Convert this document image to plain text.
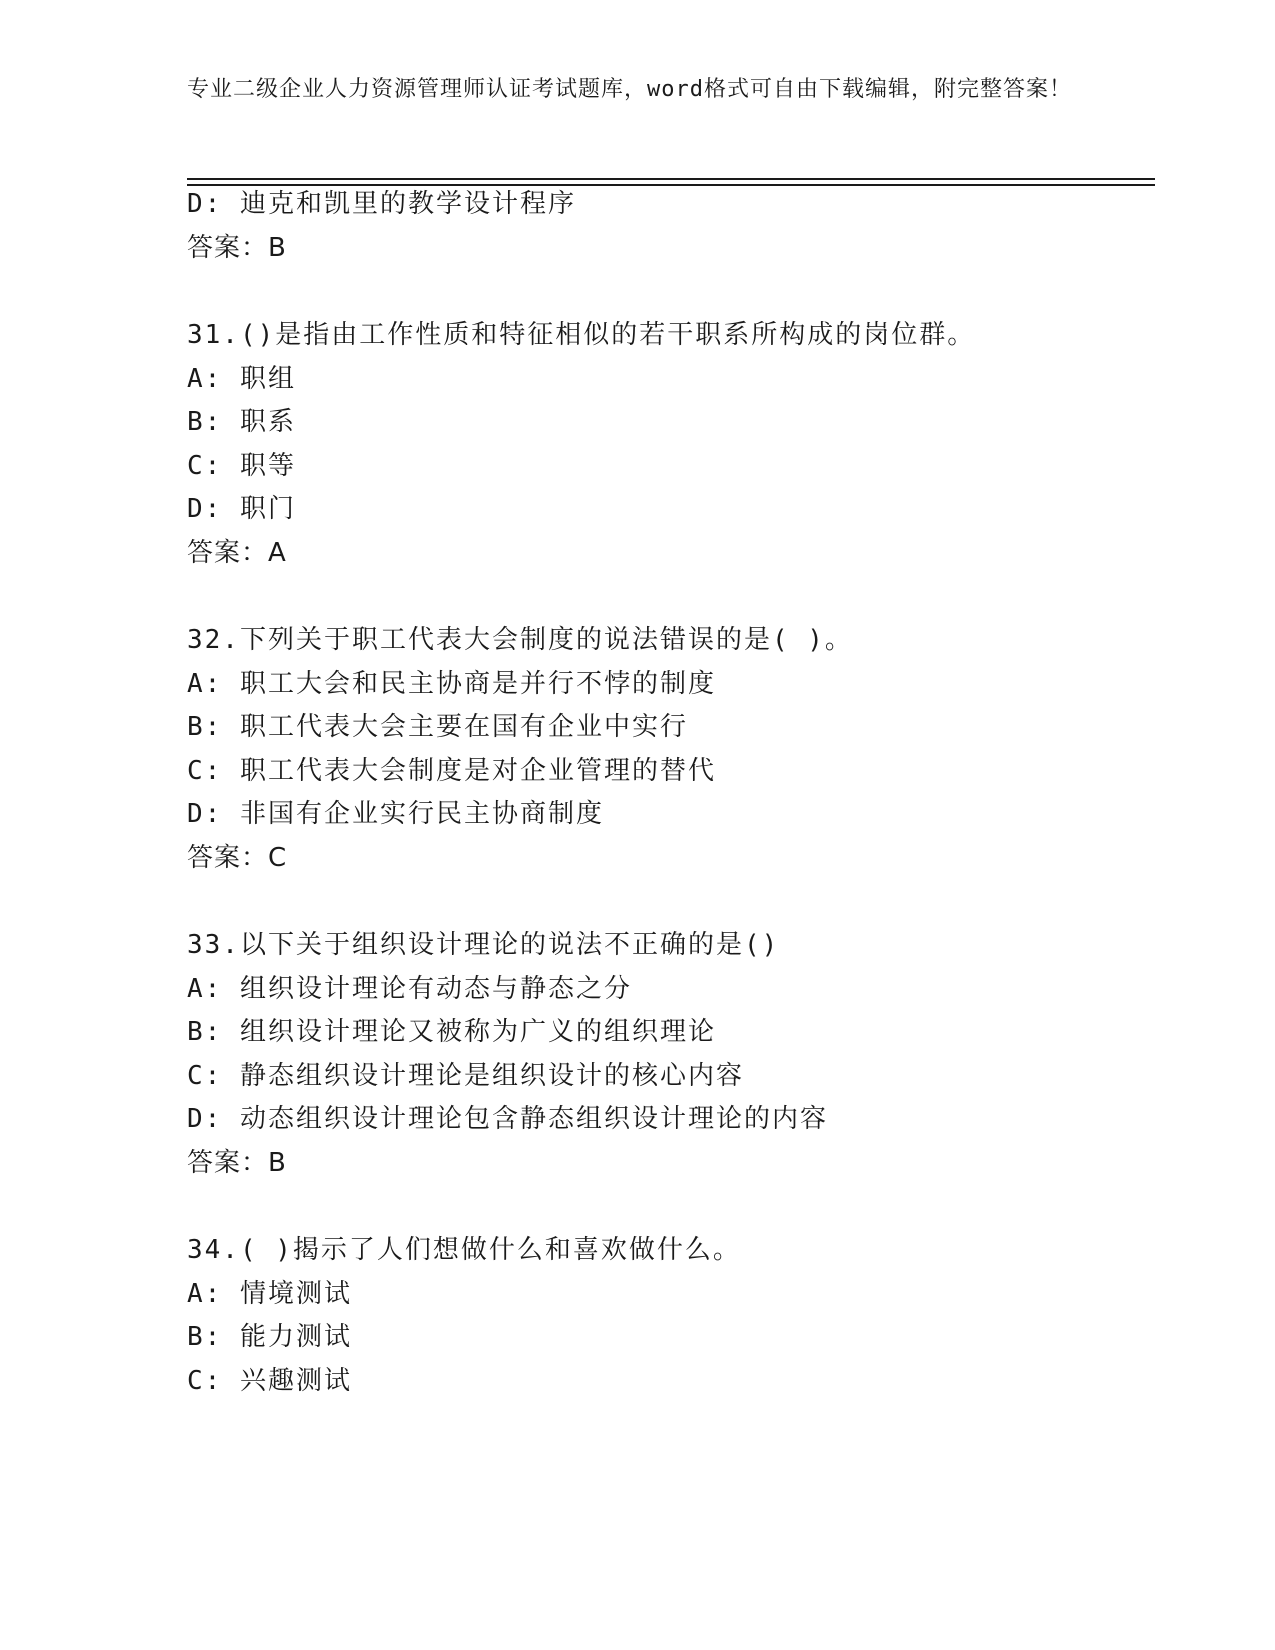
专业二级企业人力资源管理师认证考试题库，word格式可自由下载编辑，附完整答案！
D: 迪克和凯里的教学设计程序
答案：B
31.()是指由工作性质和特征相似的若干职系所构成的岗位群。
A: 职组
B: 职系
C: 职等
D: 职门
答案：A
32.下列关于职工代表大会制度的说法错误的是( )。
A: 职工大会和民主协商是并行不悖的制度
B: 职工代表大会主要在国有企业中实行
C: 职工代表大会制度是对企业管理的替代
D: 非国有企业实行民主协商制度
答案：C
33.以下关于组织设计理论的说法不正确的是()
A: 组织设计理论有动态与静态之分
B: 组织设计理论又被称为广义的组织理论
C: 静态组织设计理论是组织设计的核心内容
D: 动态组织设计理论包含静态组织设计理论的内容
答案：B
34.( )揭示了人们想做什么和喜欢做什么。
A: 情境测试
B: 能力测试
C: 兴趣测试
